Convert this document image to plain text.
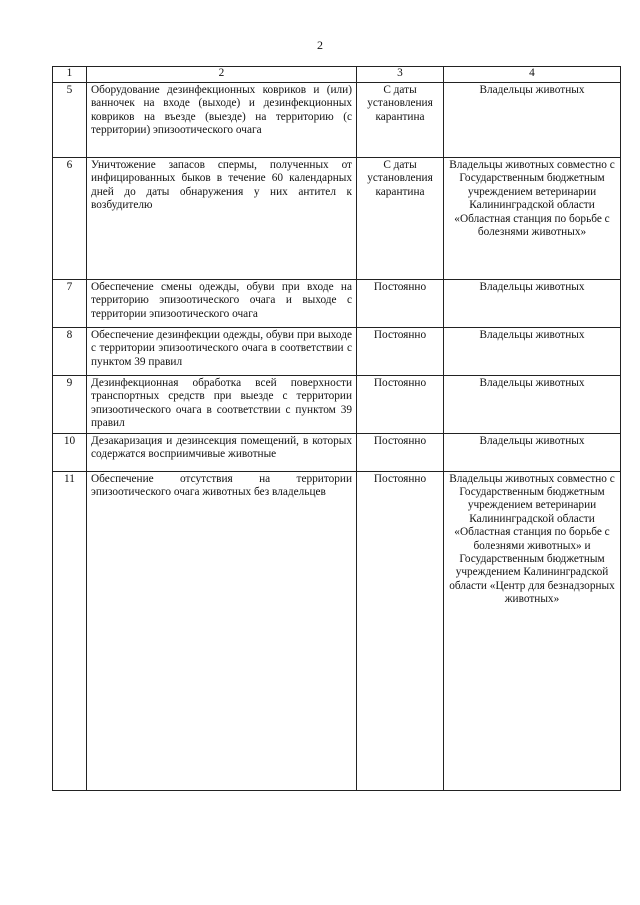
2
1	2	3	4
5	Оборудование дезинфекционных ковриков и (или) ванночек на входе (выходе) и дезинфекционных ковриков на въезде (выезде) на территорию (с территории) эпизоотического очага	С даты установления карантина	Владельцы животных
6	Уничтожение запасов спермы, полученных от инфицированных быков в течение 60 календарных дней до даты обнаружения у них антител к возбудителю	С даты установления карантина	Владельцы животных совместно с Государственным бюджетным учреждением ветеринарии Калининградской области «Областная станция по борьбе с болезнями животных»
7	Обеспечение смены одежды, обуви при входе на территорию эпизоотического очага и выходе с территории эпизоотического очага	Постоянно	Владельцы животных
8	Обеспечение дезинфекции одежды, обуви при выходе с территории эпизоотического очага в соответствии с пунктом 39 правил	Постоянно	Владельцы животных
9	Дезинфекционная обработка всей поверхности транспортных средств при выезде с территории эпизоотического очага в соответствии с пунктом 39 правил	Постоянно	Владельцы животных
10	Дезакаризация и дезинсекция помещений, в которых содержатся восприимчивые животные	Постоянно	Владельцы животных
11	Обеспечение отсутствия на территории эпизоотического очага животных без владельцев	Постоянно	Владельцы животных совместно с Государственным бюджетным учреждением ветеринарии Калининградской области «Областная станция по борьбе с болезнями животных» и Государственным бюджетным учреждением Калининградской области «Центр для безнадзорных животных»
